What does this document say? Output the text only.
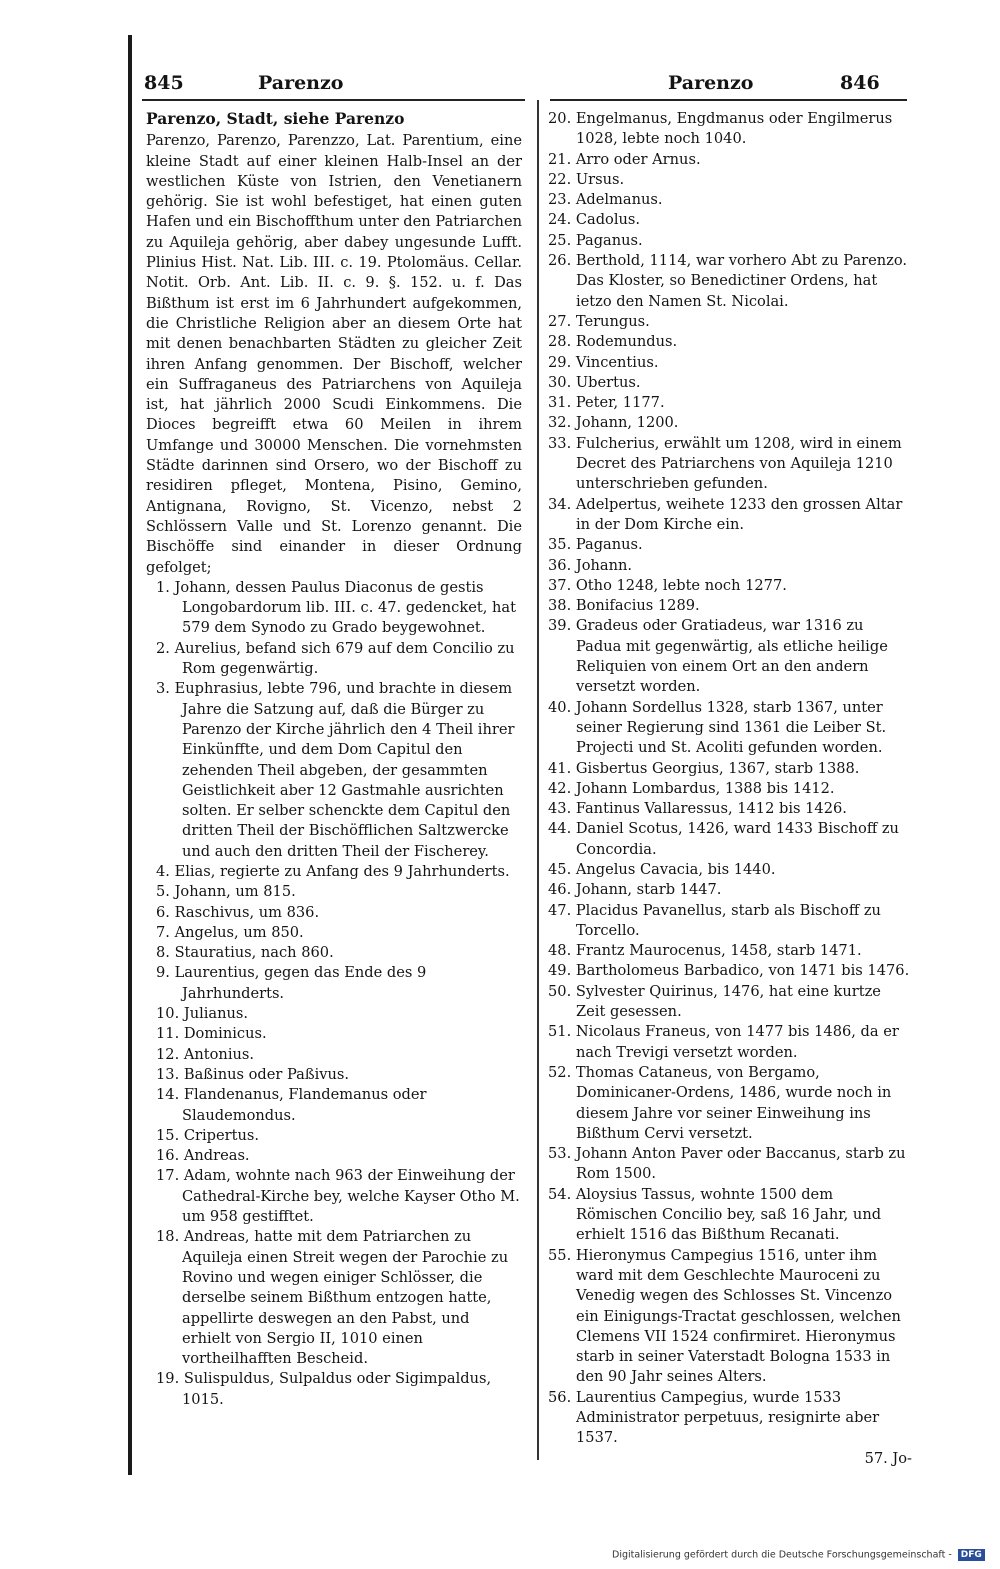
845	Parenzo	Parenzo	846

Parenzo, Stadt, siehe Parenzo

Parenzo, Parenzo, Parenzzo, Lat. Parentium, eine kleine Stadt auf einer kleinen Halb-Insel an der westlichen Küste von Istrien, den Venetianern gehörig. Sie ist wohl befestiget, hat einen guten Hafen und ein Bischoffthum unter den Patriarchen zu Aquileja gehörig, aber dabey ungesunde Lufft. Plinius Hist. Nat. Lib. III. c. 19. Ptolomäus. Cellar. Notit. Orb. Ant. Lib. II. c. 9. §. 152. u. f. Das Bißthum ist erst im 6 Jahrhundert aufgekommen, die Christliche Religion aber an diesem Orte hat mit denen benachbarten Städten zu gleicher Zeit ihren Anfang genommen. Der Bischoff, welcher ein Suffraganeus des Patriarchens von Aquileja ist, hat jährlich 2000 Scudi Einkommens. Die Dioces begreifft etwa 60 Meilen in ihrem Umfange und 30000 Menschen. Die vornehmsten Städte darinnen sind Orsero, wo der Bischoff zu residiren pfleget, Montena, Pisino, Gemino, Antignana, Rovigno, St. Vicenzo, nebst 2 Schlössern Valle und St. Lorenzo genannt. Die Bischöffe sind einander in dieser Ordnung gefolget;

1. Johann, dessen Paulus Diaconus de gestis Longobardorum lib. III. c. 47. gedencket, hat 579 dem Synodo zu Grado beygewohnet.

2. Aurelius, befand sich 679 auf dem Concilio zu Rom gegenwärtig.

3. Euphrasius, lebte 796, und brachte in diesem Jahre die Satzung auf, daß die Bürger zu Parenzo der Kirche jährlich den 4 Theil ihrer Einkünffte, und dem Dom Capitul den zehenden Theil abgeben, der gesammten Geistlichkeit aber 12 Gastmahle ausrichten solten. Er selber schenckte dem Capitul den dritten Theil der Bischöfflichen Saltzwercke und auch den dritten Theil der Fischerey.

4. Elias, regierte zu Anfang des 9 Jahrhunderts.

5. Johann, um 815.

6. Raschivus, um 836.

7. Angelus, um 850.

8. Stauratius, nach 860.

9. Laurentius, gegen das Ende des 9 Jahrhunderts.

10. Julianus.

11. Dominicus.

12. Antonius.

13. Baßinus oder Paßivus.

14. Flandenanus, Flandemanus oder Slaudemondus.

15. Cripertus.

16. Andreas.

17. Adam, wohnte nach 963 der Einweihung der Cathedral-Kirche bey, welche Kayser Otho M. um 958 gestifftet.

18. Andreas, hatte mit dem Patriarchen zu Aquileja einen Streit wegen der Parochie zu Rovino und wegen einiger Schlösser, die derselbe seinem Bißthum entzogen hatte, appellirte deswegen an den Pabst, und erhielt von Sergio II, 1010 einen vortheilhafften Bescheid.

19. Sulispuldus, Sulpaldus oder Sigimpaldus, 1015.

20. Engelmanus, Engdmanus oder Engilmerus 1028, lebte noch 1040.

21. Arro oder Arnus.

22. Ursus.

23. Adelmanus.

24. Cadolus.

25. Paganus.

26. Berthold, 1114, war vorhero Abt zu Parenzo. Das Kloster, so Benedictiner Ordens, hat ietzo den Namen St. Nicolai.

27. Terungus.

28. Rodemundus.

29. Vincentius.

30. Ubertus.

31. Peter, 1177.

32. Johann, 1200.

33. Fulcherius, erwählt um 1208, wird in einem Decret des Patriarchens von Aquileja 1210 unterschrieben gefunden.

34. Adelpertus, weihete 1233 den grossen Altar in der Dom Kirche ein.

35. Paganus.

36. Johann.

37. Otho 1248, lebte noch 1277.

38. Bonifacius 1289.

39. Gradeus oder Gratiadeus, war 1316 zu Padua mit gegenwärtig, als etliche heilige Reliquien von einem Ort an den andern versetzt worden.

40. Johann Sordellus 1328, starb 1367, unter seiner Regierung sind 1361 die Leiber St. Projecti und St. Acoliti gefunden worden.

41. Gisbertus Georgius, 1367, starb 1388.

42. Johann Lombardus, 1388 bis 1412.

43. Fantinus Vallaressus, 1412 bis 1426.

44. Daniel Scotus, 1426, ward 1433 Bischoff zu Concordia.

45. Angelus Cavacia, bis 1440.

46. Johann, starb 1447.

47. Placidus Pavanellus, starb als Bischoff zu Torcello.

48. Frantz Maurocenus, 1458, starb 1471.

49. Bartholomeus Barbadico, von 1471 bis 1476.

50. Sylvester Quirinus, 1476, hat eine kurtze Zeit gesessen.

51. Nicolaus Franeus, von 1477 bis 1486, da er nach Trevigi versetzt worden.

52. Thomas Cataneus, von Bergamo, Dominicaner-Ordens, 1486, wurde noch in diesem Jahre vor seiner Einweihung ins Bißthum Cervi versetzt.

53. Johann Anton Paver oder Baccanus, starb zu Rom 1500.

54. Aloysius Tassus, wohnte 1500 dem Römischen Concilio bey, saß 16 Jahr, und erhielt 1516 das Bißthum Recanati.

55. Hieronymus Campegius 1516, unter ihm ward mit dem Geschlechte Mauroceni zu Venedig wegen des Schlosses St. Vincenzo ein Einigungs-Tractat geschlossen, welchen Clemens VII 1524 confirmiret. Hieronymus starb in seiner Vaterstadt Bologna 1533 in den 90 Jahr seines Alters.

56. Laurentius Campegius, wurde 1533 Administrator perpetuus, resignirte aber 1537.

57. Jo-

Digitalisierung gefördert durch die Deutsche Forschungsgemeinschaft - DFG
